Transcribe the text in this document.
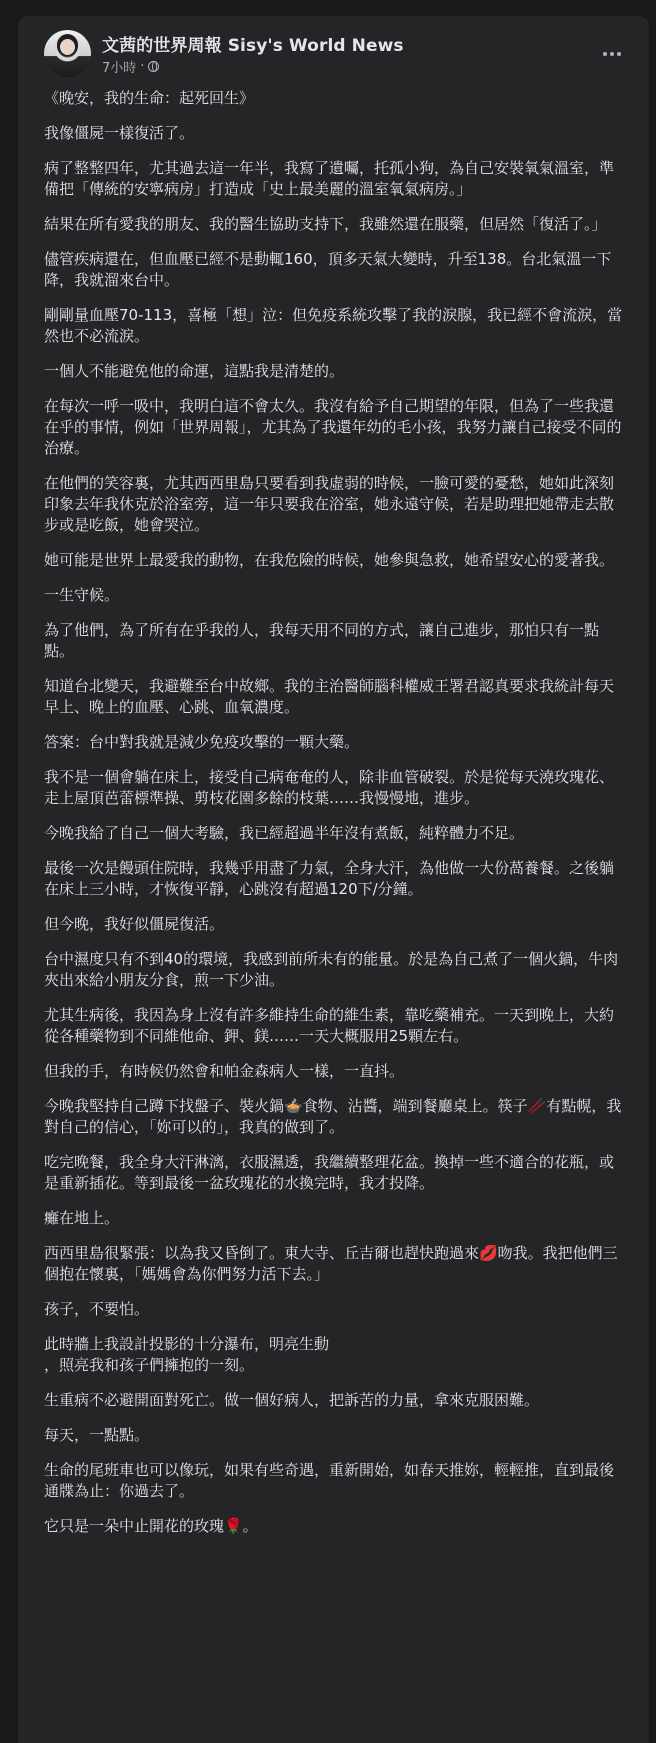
文茜的世界周報 Sisy's World News
7小時 ·

《晚安，我的生命：起死回生》

我像僵屍一樣復活了。

病了整整四年，尤其過去這一年半，我寫了遺囑，托孤小狗，為自己安裝氧氣溫室，準備把「傳統的安寧病房」打造成「史上最美麗的溫室氧氣病房。」

結果在所有愛我的朋友、我的醫生協助支持下，我雖然還在服藥，但居然「復活了。」

儘管疾病還在，但血壓已經不是動輒160，頂多天氣大變時，升至138。台北氣溫一下降，我就溜來台中。

剛剛量血壓70-113，喜極「想」泣：但免疫系統攻擊了我的淚腺，我已經不會流淚，當然也不必流淚。

一個人不能避免他的命運，這點我是清楚的。

在每次一呼一吸中，我明白這不會太久。我沒有給予自己期望的年限，但為了一些我還在乎的事情，例如「世界周報」，尤其為了我還年幼的毛小孩，我努力讓自己接受不同的治療。

在他們的笑容裏，尤其西西里島只要看到我虛弱的時候，一臉可愛的憂愁，她如此深刻印象去年我休克於浴室旁，這一年只要我在浴室，她永遠守候，若是助理把她帶走去散步或是吃飯，她會哭泣。

她可能是世界上最愛我的動物，在我危險的時候，她參與急救，她希望安心的愛著我。

一生守候。

為了他們，為了所有在乎我的人，我每天用不同的方式，讓自己進步，那怕只有一點點。

知道台北變天，我避難至台中故鄉。我的主治醫師腦科權威王署君認真要求我統計每天早上、晚上的血壓、心跳、血氧濃度。

答案：台中對我就是減少免疫攻擊的一顆大藥。

我不是一個會躺在床上，接受自己病奄奄的人，除非血管破裂。於是從每天澆玫瑰花、走上屋頂芭蕾標準操、剪枝花園多餘的枝葉……我慢慢地，進步。

今晚我給了自己一個大考驗，我已經超過半年沒有煮飯，純粹體力不足。

最後一次是饅頭住院時，我幾乎用盡了力氣，全身大汗，為他做一大份萵養餐。之後躺在床上三小時，才恢復平靜，心跳沒有超過120下/分鐘。

但今晚，我好似僵屍復活。

台中濕度只有不到40的環境，我感到前所未有的能量。於是為自己煮了一個火鍋，牛肉夾出來給小朋友分食，煎一下少油。

尤其生病後，我因為身上沒有許多維持生命的維生素，靠吃藥補充。一天到晚上，大約從各種藥物到不同維他命、鉀、鎂……一天大概服用25顆左右。

但我的手，有時候仍然會和帕金森病人一樣，一直抖。

今晚我堅持自己蹲下找盤子、裝火鍋🍲食物、沾醬，端到餐廳桌上。筷子🥢有點幌，我對自己的信心，「妳可以的」，我真的做到了。

吃完晚餐，我全身大汗淋漓，衣服濕透，我繼續整理花盆。換掉一些不適合的花瓶，或是重新插花。等到最後一盆玫瑰花的水換完時，我才投降。

癱在地上。

西西里島很緊張：以為我又昏倒了。東大寺、丘吉爾也趕快跑過來💋吻我。我把他們三個抱在懷裏，「媽媽會為你們努力活下去。」

孩子，不要怕。

此時牆上我設計投影的十分瀑布，明亮生動
，照亮我和孩子們擁抱的一刻。

生重病不必避開面對死亡。做一個好病人，把訴苦的力量，拿來克服困難。

每天，一點點。

生命的尾班車也可以像玩，如果有些奇遇，重新開始，如春天推妳，輕輕推，直到最後通牒為止：你過去了。

它只是一朵中止開花的玫瑰🌹。
